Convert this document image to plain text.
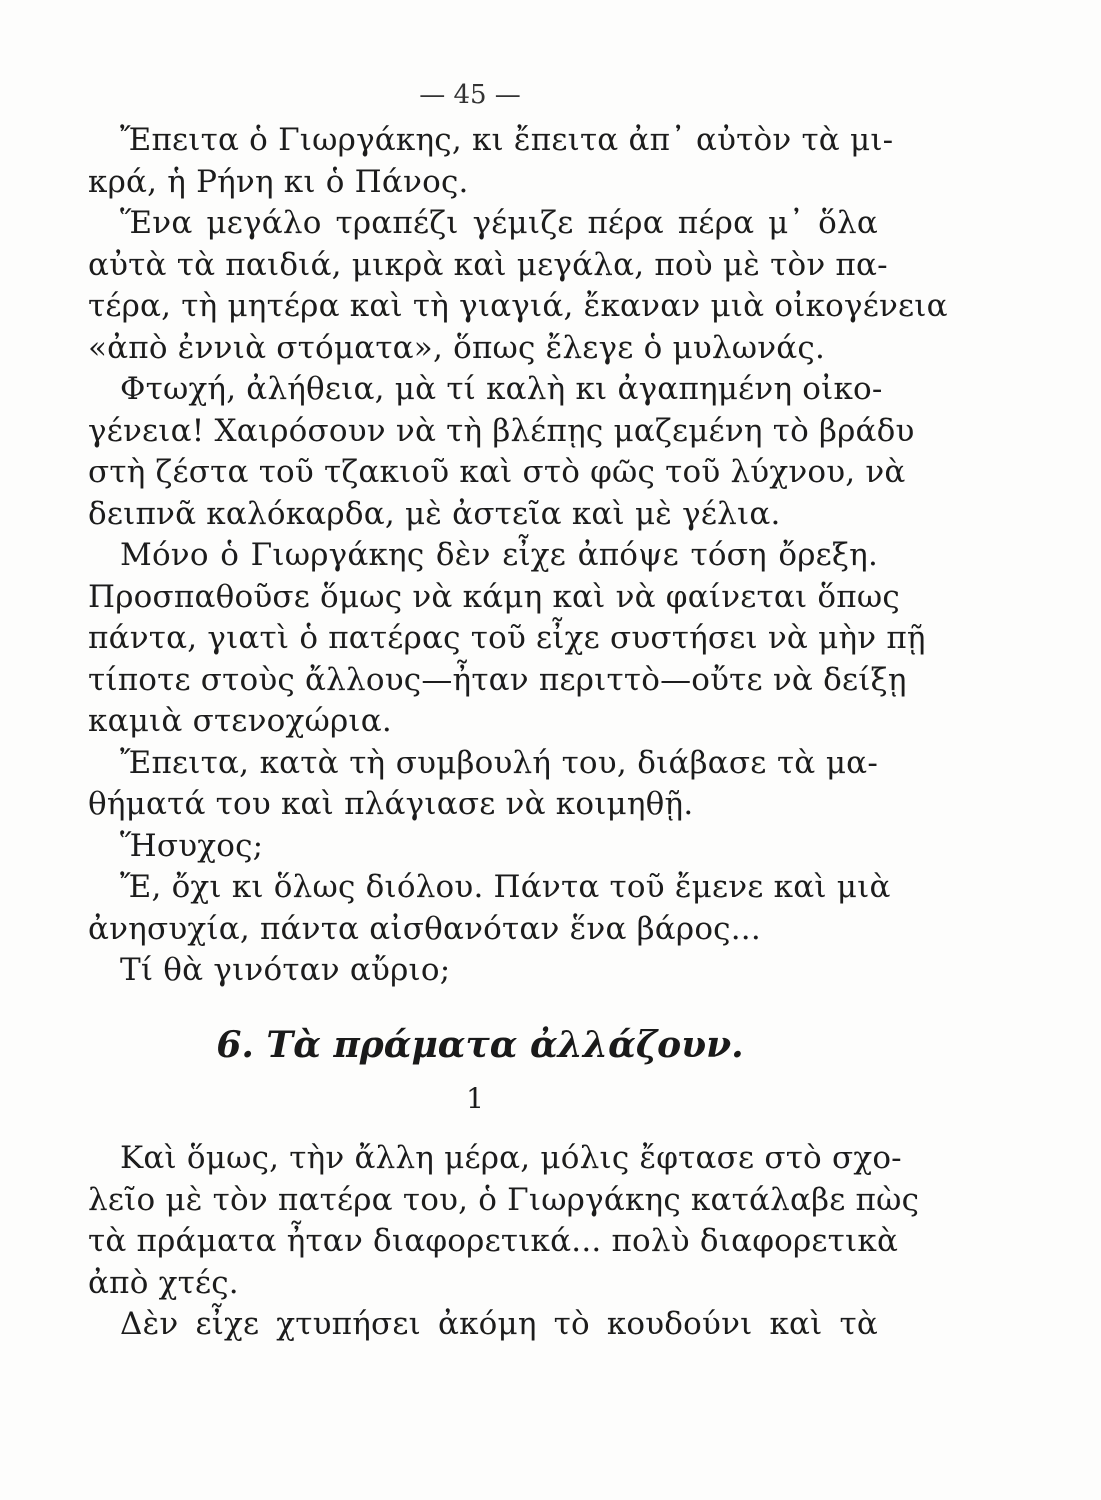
— 45 —
Ἔπειτα ὁ Γιωργάκης, κι ἔπειτα ἀπ᾽ αὐτὸν τὰ μι-
κρά, ἡ Ρήνη κι ὁ Πάνος.
Ἕνα μεγάλο τραπέζι γέμιζε πέρα πέρα μ᾽ ὅλα
αὐτὰ τὰ παιδιά, μικρὰ καὶ μεγάλα, ποὺ μὲ τὸν πα-
τέρα, τὴ μητέρα καὶ τὴ γιαγιά, ἔκαναν μιὰ οἰκογένεια
«ἀπὸ ἐννιὰ στόματα», ὅπως ἔλεγε ὁ μυλωνάς.
Φτωχή, ἀλήθεια, μὰ τί καλὴ κι ἀγαπημένη οἰκο-
γένεια! Χαιρόσουν νὰ τὴ βλέπῃς μαζεμένη τὸ βράδυ
στὴ ζέστα τοῦ τζακιοῦ καὶ στὸ φῶς τοῦ λύχνου, νὰ
δειπνᾶ καλόκαρδα, μὲ ἀστεῖα καὶ μὲ γέλια.
Μόνο ὁ Γιωργάκης δὲν εἶχε ἀπόψε τόση ὄρεξη.
Προσπαθοῦσε ὅμως νὰ κάμη καὶ νὰ φαίνεται ὅπως
πάντα, γιατὶ ὁ πατέρας τοῦ εἶχε συστήσει νὰ μὴν πῇ
τίποτε στοὺς ἄλλους—ἦταν περιττὸ—οὔτε νὰ δείξῃ
καμιὰ στενοχώρια.
Ἔπειτα, κατὰ τὴ συμβουλή του, διάβασε τὰ μα-
θήματά του καὶ πλάγιασε νὰ κοιμηθῇ.
Ἥσυχος;
Ἔ, ὄχι κι ὅλως διόλου. Πάντα τοῦ ἔμενε καὶ μιὰ
ἀνησυχία, πάντα αἰσθανόταν ἕνα βάρος...
Τί θὰ γινόταν αὔριο;
6. Τὰ πράματα ἀλλάζουν.
1
Καὶ ὅμως, τὴν ἄλλη μέρα, μόλις ἔφτασε στὸ σχο-
λεῖο μὲ τὸν πατέρα του, ὁ Γιωργάκης κατάλαβε πὼς
τὰ πράματα ἦταν διαφορετικά... πολὺ διαφορετικὰ
ἀπὸ χτές.
Δὲν εἶχε χτυπήσει ἀκόμη τὸ κουδούνι καὶ τὰ
